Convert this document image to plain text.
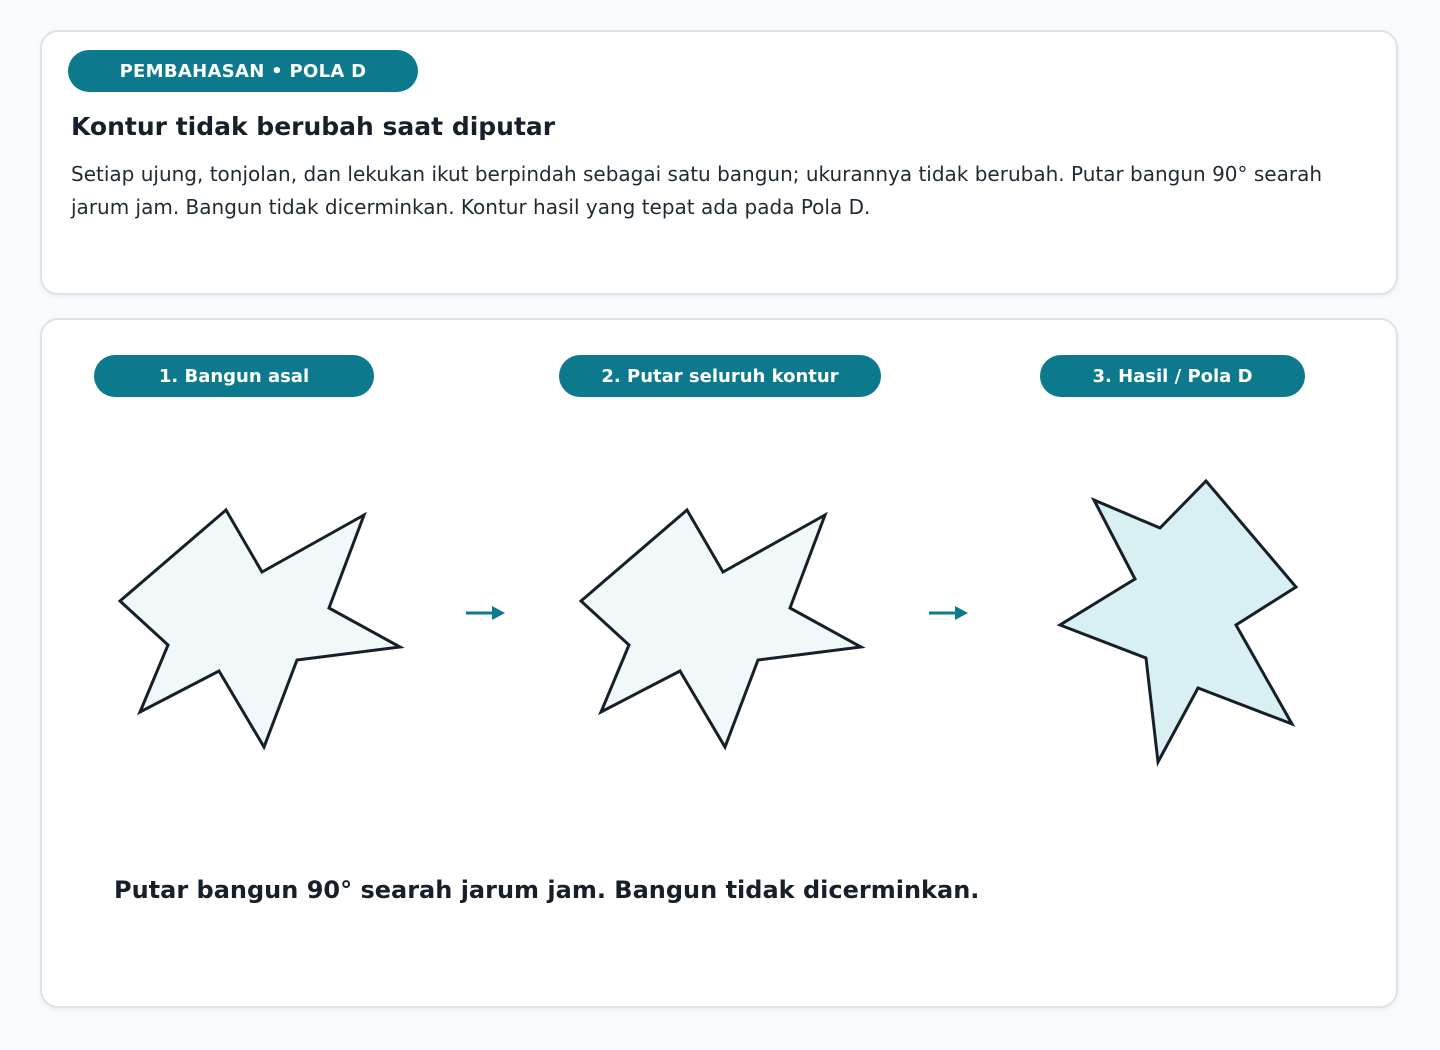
PEMBAHASAN • POLA D
Kontur tidak berubah saat diputar

Setiap ujung, tonjolan, dan lekukan ikut berpindah sebagai satu bangun; ukurannya tidak berubah. Putar bangun 90° searah jarum jam. Bangun tidak dicerminkan. Kontur hasil yang tepat ada pada Pola D.

1. Bangun asal	2. Putar seluruh kontur	3. Hasil / Pola D

Putar bangun 90° searah jarum jam. Bangun tidak dicerminkan.
